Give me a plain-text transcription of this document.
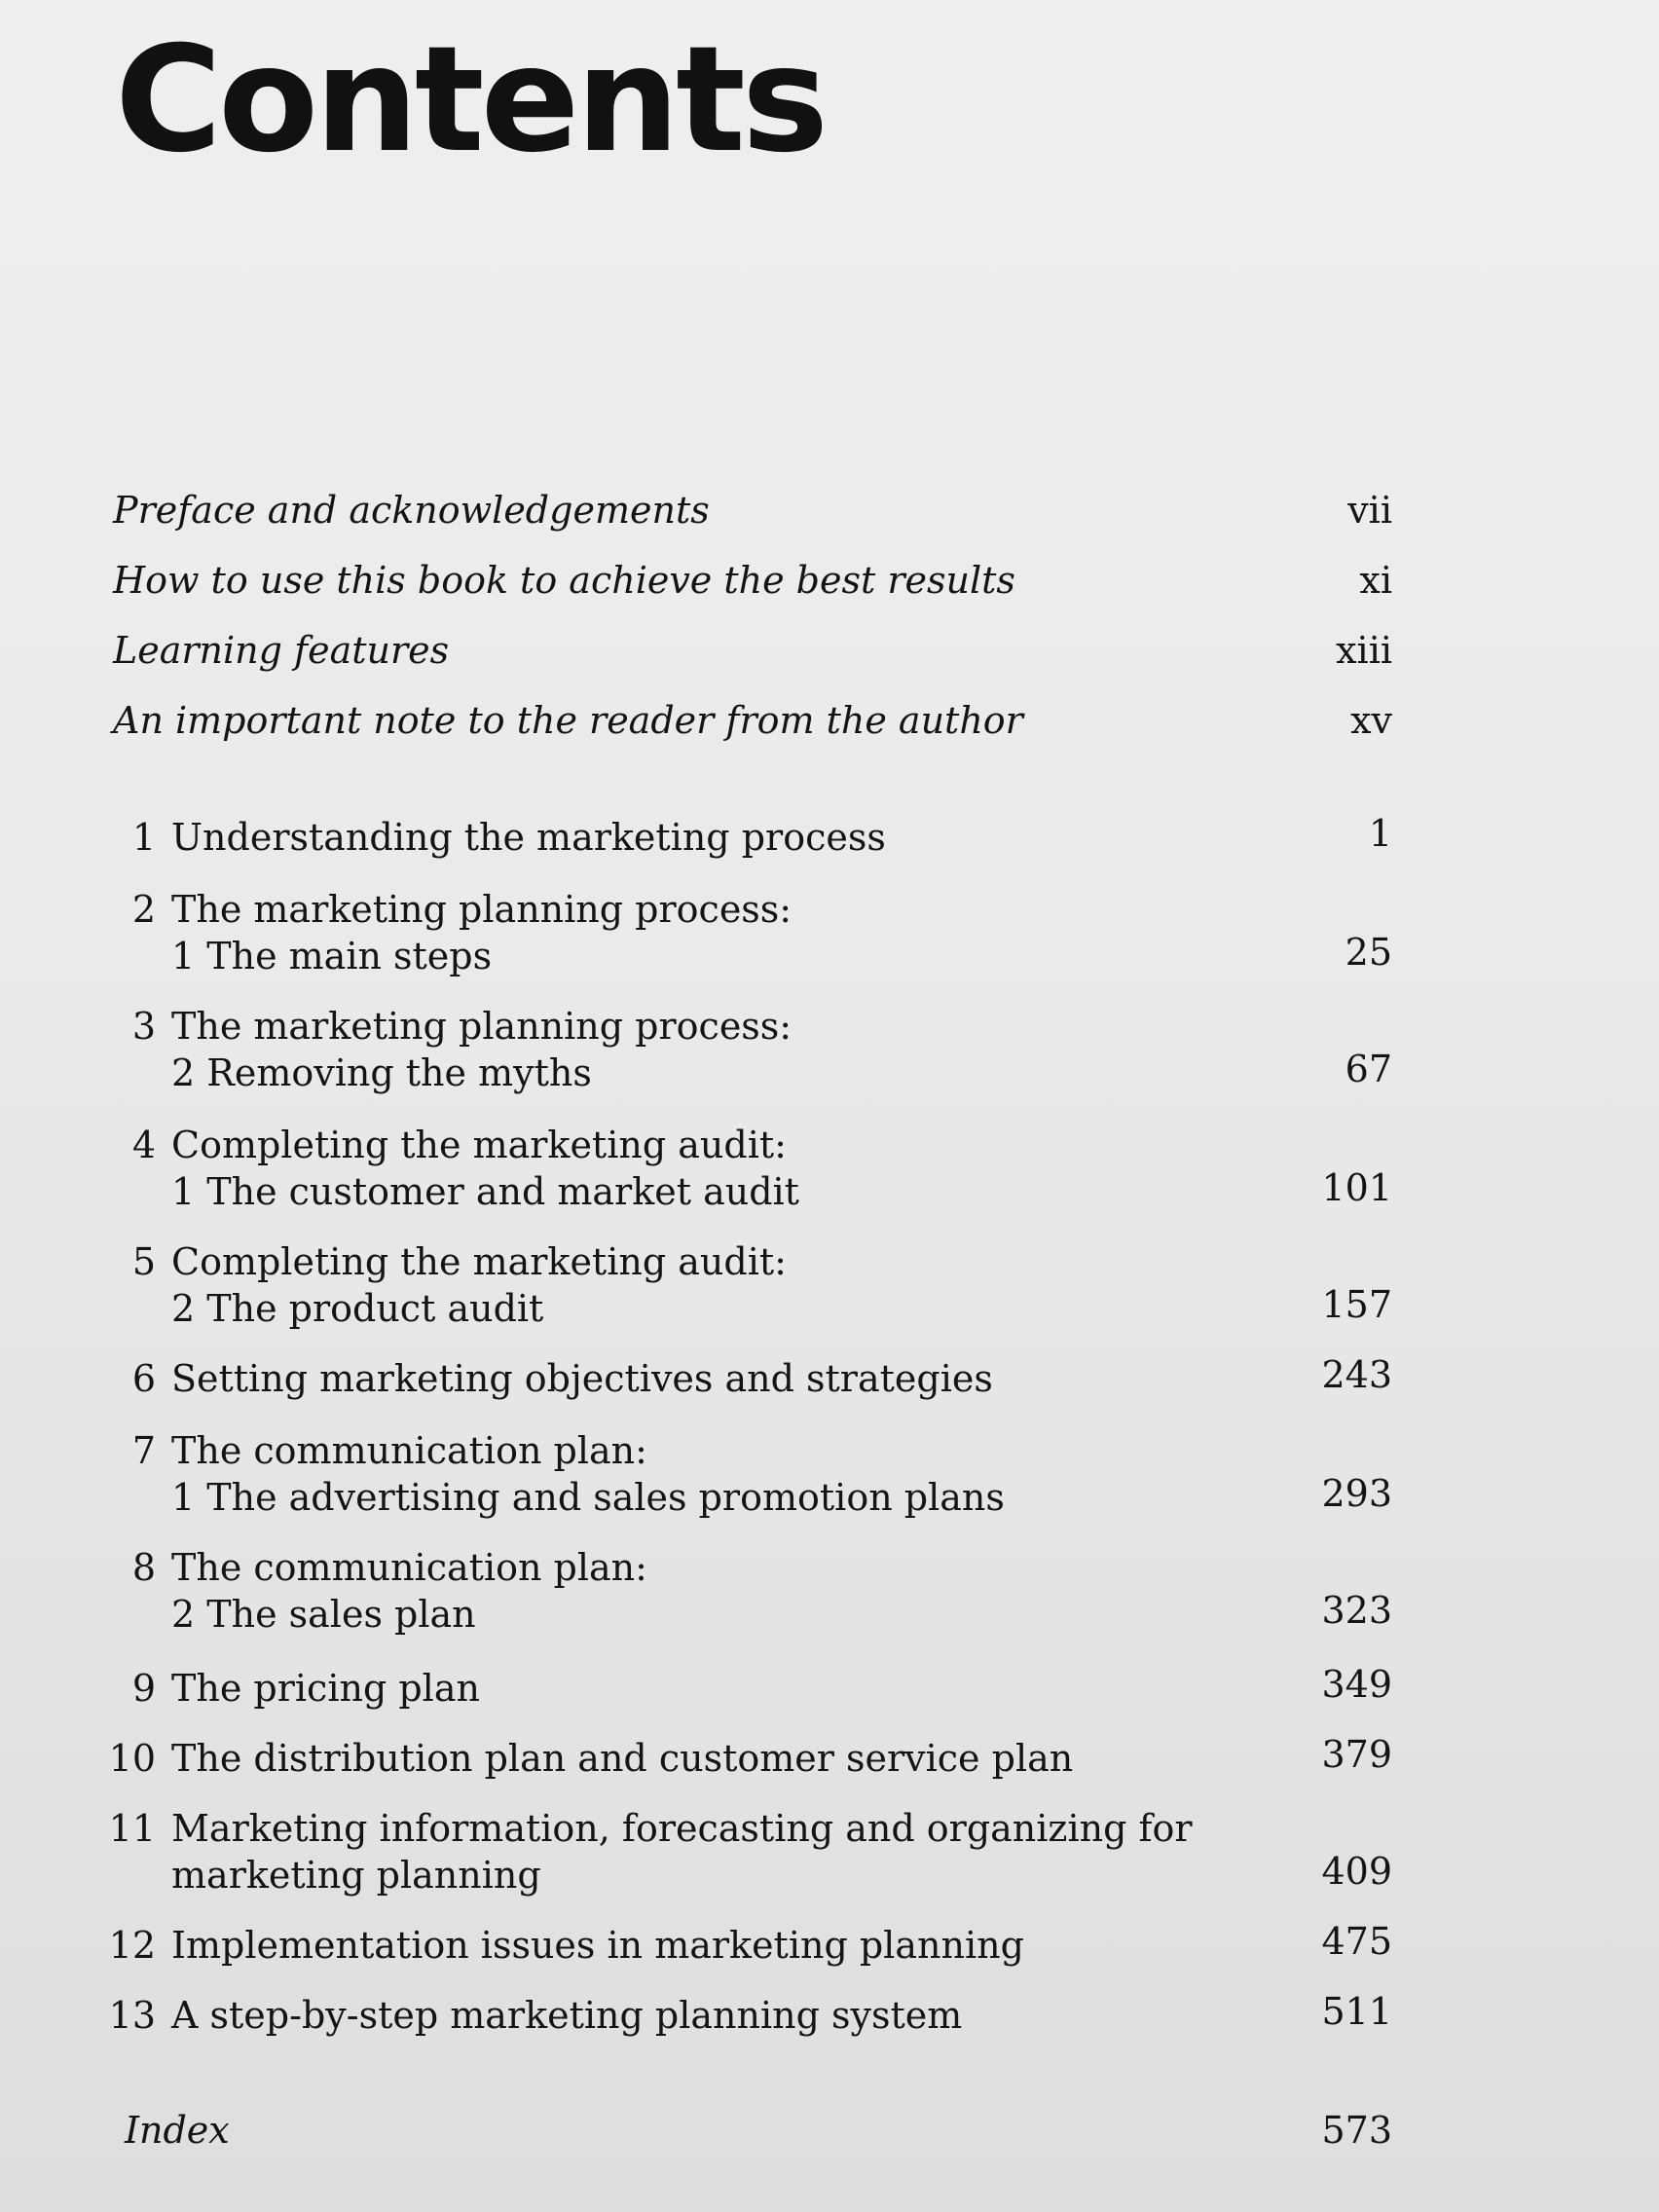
Contents
Preface and acknowledgements	vii
How to use this book to achieve the best results	xi
Learning features	xiii
An important note to the reader from the author	xv
1 Understanding the marketing process	1
2 The marketing planning process:
1 The main steps	25
3 The marketing planning process:
2 Removing the myths	67
4 Completing the marketing audit:
1 The customer and market audit	101
5 Completing the marketing audit:
2 The product audit	157
6 Setting marketing objectives and strategies	243
7 The communication plan:
1 The advertising and sales promotion plans	293
8 The communication plan:
2 The sales plan	323
9 The pricing plan	349
10 The distribution plan and customer service plan	379
11 Marketing information, forecasting and organizing for
marketing planning	409
12 Implementation issues in marketing planning	475
13 A step-by-step marketing planning system	511
Index	573
